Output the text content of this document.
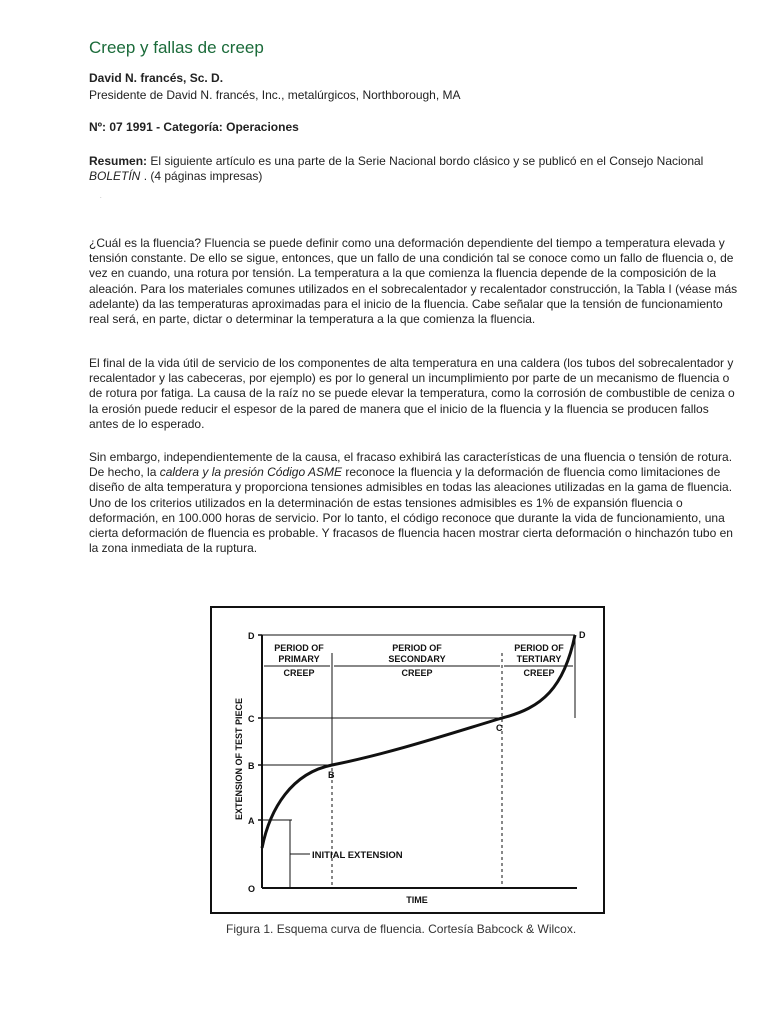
Creep y fallas de creep

David N. francés, Sc. D.

Presidente de David N. francés, Inc., metalúrgicos, Northborough, MA

Nº: 07 1991 - Categoría: Operaciones

Resumen: El siguiente artículo es una parte de la Serie Nacional bordo clásico y se publicó en el Consejo Nacional BOLETÍN . (4 páginas impresas)

.

¿Cuál es la fluencia? Fluencia se puede definir como una deformación dependiente del tiempo a temperatura elevada y tensión constante. De ello se sigue, entonces, que un fallo de una condición tal se conoce como un fallo de fluencia o, de vez en cuando, una rotura por tensión. La temperatura a la que comienza la fluencia depende de la composición de la aleación. Para los materiales comunes utilizados en el sobrecalentador y recalentador construcción, la Tabla I (véase más adelante) da las temperaturas aproximadas para el inicio de la fluencia. Cabe señalar que la tensión de funcionamiento real será, en parte, dictar o determinar la temperatura a la que comienza la fluencia.

El final de la vida útil de servicio de los componentes de alta temperatura en una caldera (los tubos del sobrecalentador y recalentador y las cabeceras, por ejemplo) es por lo general un incumplimiento por parte de un mecanismo de fluencia o de rotura por fatiga. La causa de la raíz no se puede elevar la temperatura, como la corrosión de combustible de ceniza o la erosión puede reducir el espesor de la pared de manera que el inicio de la fluencia y la fluencia se producen fallos antes de lo esperado.

Sin embargo, independientemente de la causa, el fracaso exhibirá las características de una fluencia o tensión de rotura. De hecho, la caldera y la presión Código ASME reconoce la fluencia y la deformación de fluencia como limitaciones de diseño de alta temperatura y proporciona tensiones admisibles en todas las aleaciones utilizadas en la gama de fluencia. Uno de los criterios utilizados en la determinación de estas tensiones admisibles es 1% de expansión fluencia o deformación, en 100.000 horas de servicio. Por lo tanto, el código reconoce que durante la vida de funcionamiento, una cierta deformación de fluencia es probable. Y fracasos de fluencia hacen mostrar cierta deformación o hinchazón tubo en la zona inmediata de la ruptura.

D
C
B
A
O
B
C
D
PERIOD OF
PRIMARY
CREEP
PERIOD OF
SECONDARY
CREEP
PERIOD OF
TERTIARY
CREEP
INITIAL EXTENSION
EXTENSION OF TEST PIECE
TIME

Figura 1. Esquema curva de fluencia. Cortesía Babcock & Wilcox.
